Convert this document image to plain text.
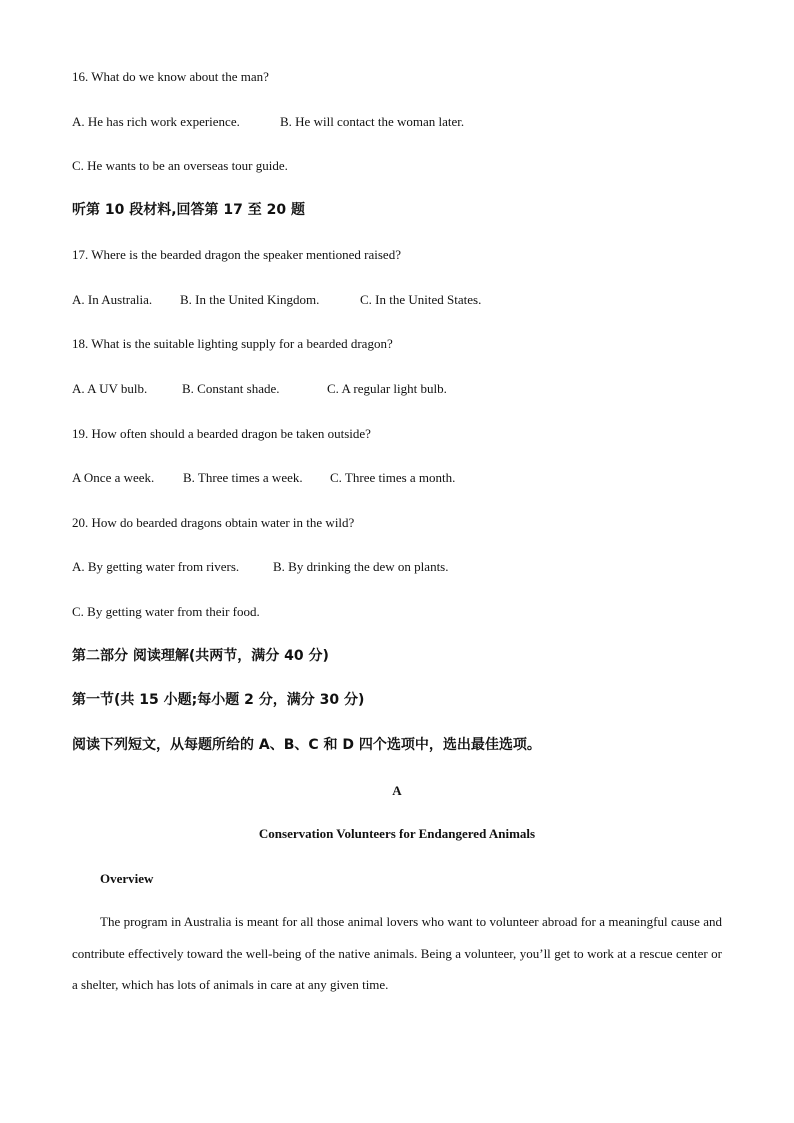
16. What do we know about the man?
A. He has rich work experience.	B. He will contact the woman later.
C. He wants to be an overseas tour guide.
听第 10 段材料,回答第 17 至 20 题
17. Where is the bearded dragon the speaker mentioned raised?
A. In Australia. B. In the United Kingdom.	C. In the United States.
18. What is the suitable lighting supply for a bearded dragon?
A. A UV bulb.	B. Constant shade.	C. A regular light bulb.
19. How often should a bearded dragon be taken outside?
A Once a week. B. Three times a week. C. Three times a month.
20. How do bearded dragons obtain water in the wild?
A. By getting water from rivers.	B. By drinking the dew on plants.
C. By getting water from their food.
第二部分 阅读理解(共两节，满分 40 分)
第一节(共 15 小题;每小题 2 分，满分 30 分)
阅读下列短文，从每题所给的 A、B、C 和 D 四个选项中，选出最佳选项。
A
Conservation Volunteers for Endangered Animals
Overview

The program in Australia is meant for all those animal lovers who want to volunteer abroad for a meaningful cause and contribute effectively toward the well-being of the native animals. Being a volunteer, you’ll get to work at a rescue center or a shelter, which has lots of animals in care at any given time.
